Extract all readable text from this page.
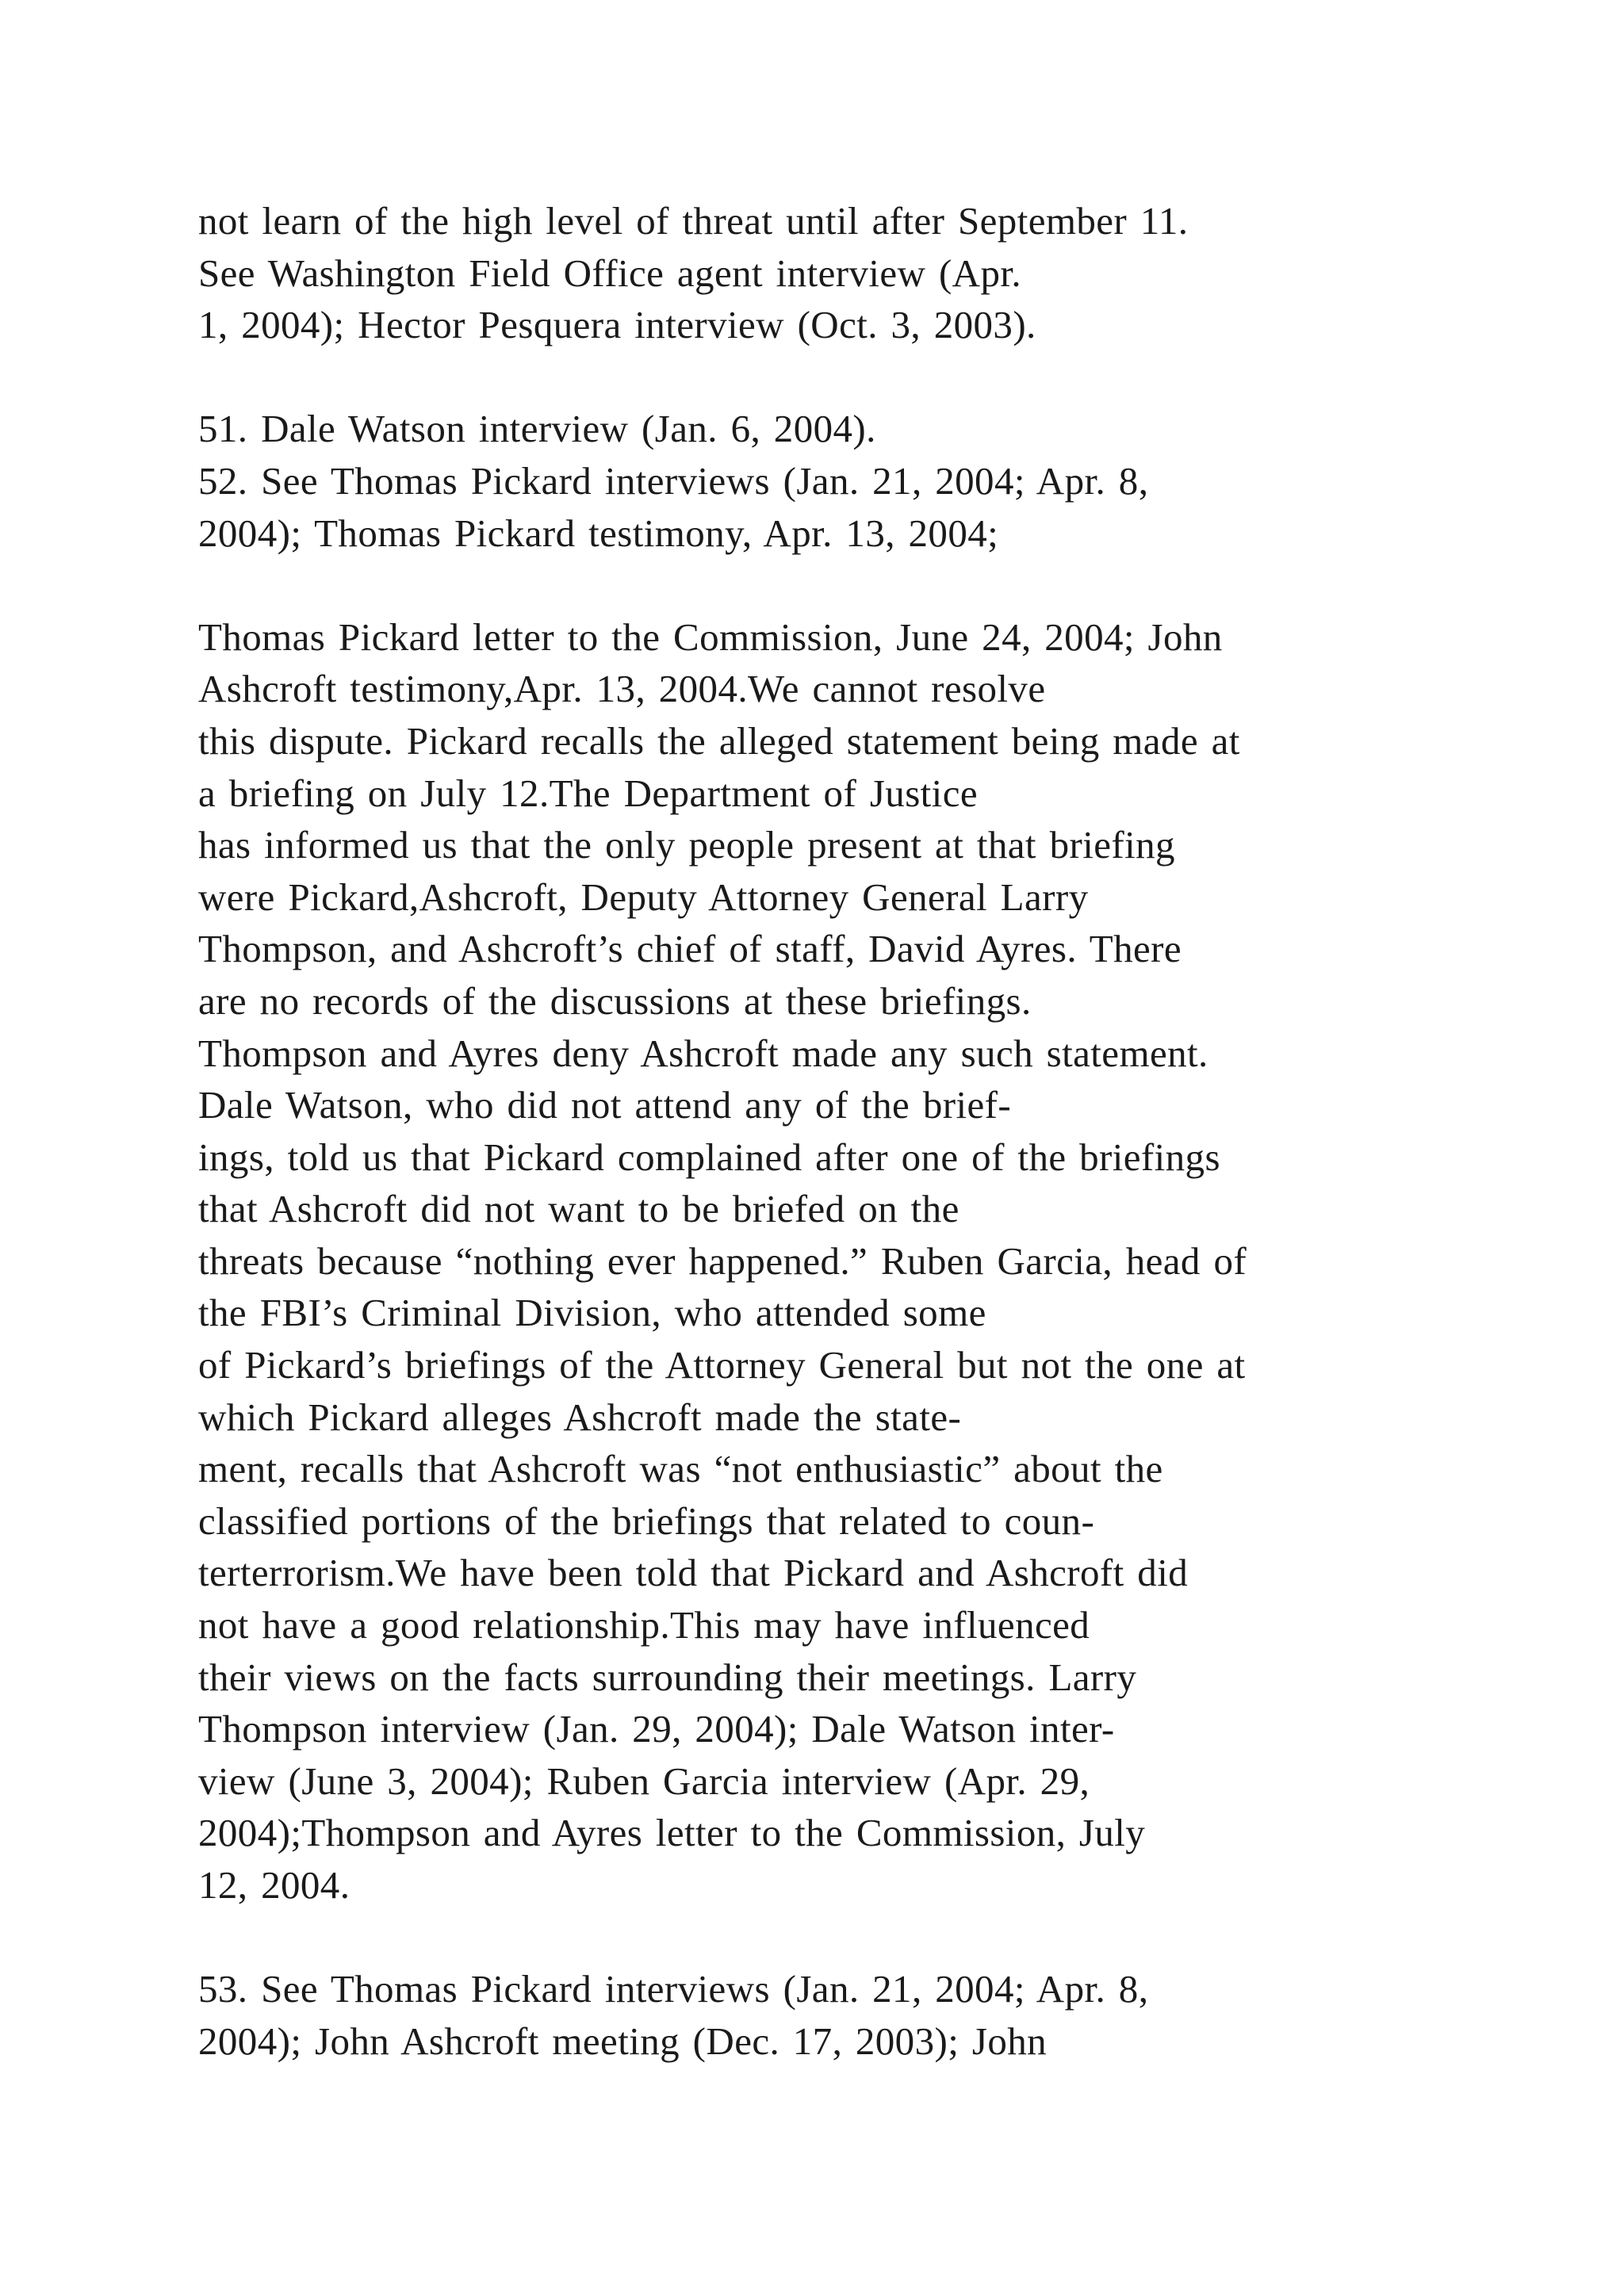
not learn of the high level of threat until after September 11.
See Washington Field Office agent interview (Apr.
1, 2004); Hector Pesquera interview (Oct. 3, 2003).
51. Dale Watson interview (Jan. 6, 2004).
52. See Thomas Pickard interviews (Jan. 21, 2004; Apr. 8,
2004); Thomas Pickard testimony, Apr. 13, 2004;
Thomas Pickard letter to the Commission, June 24, 2004; John
Ashcroft testimony,Apr. 13, 2004.We cannot resolve
this dispute. Pickard recalls the alleged statement being made at
a briefing on July 12.The Department of Justice
has informed us that the only people present at that briefing
were Pickard,Ashcroft, Deputy Attorney General Larry
Thompson, and Ashcroft’s chief of staff, David Ayres. There
are no records of the discussions at these briefings.
Thompson and Ayres deny Ashcroft made any such statement.
Dale Watson, who did not attend any of the brief-
ings, told us that Pickard complained after one of the briefings
that Ashcroft did not want to be briefed on the
threats because “nothing ever happened.” Ruben Garcia, head of
the FBI’s Criminal Division, who attended some
of Pickard’s briefings of the Attorney General but not the one at
which Pickard alleges Ashcroft made the state-
ment, recalls that Ashcroft was “not enthusiastic” about the
classified portions of the briefings that related to coun-
terterrorism.We have been told that Pickard and Ashcroft did
not have a good relationship.This may have influenced
their views on the facts surrounding their meetings. Larry
Thompson interview (Jan. 29, 2004); Dale Watson inter-
view (June 3, 2004); Ruben Garcia interview (Apr. 29,
2004);Thompson and Ayres letter to the Commission, July
12, 2004.
53. See Thomas Pickard interviews (Jan. 21, 2004; Apr. 8,
2004); John Ashcroft meeting (Dec. 17, 2003); John
